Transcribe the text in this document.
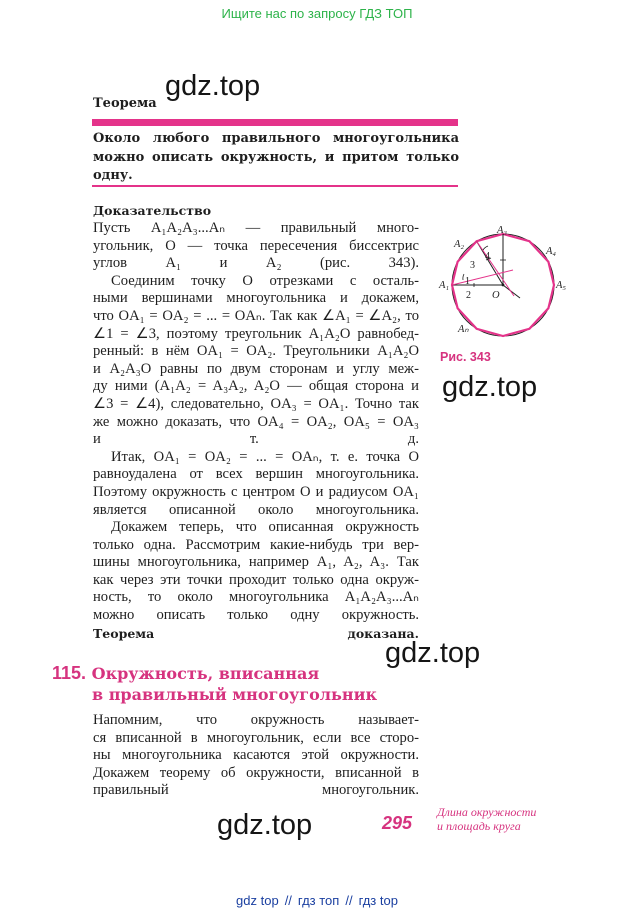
Ищите нас по запросу ГДЗ ТОП
gdz.top
gdz.top
gdz.top
gdz.top
Теорема
Около любого правильного многоугольника
можно описать окружность, и притом только
одну.
Доказательство
Пусть A₁A₂A₃...Aₙ — правильный много-
угольник, O — точка пересечения биссектрис
углов A₁ и A₂ (рис. 343).
Соединим точку O отрезками с осталь-
ными вершинами многоугольника и докажем,
что OA₁ = OA₂ = ... = OAₙ. Так как ∠A₁ = ∠A₂, то
∠1 = ∠3, поэтому треугольник A₁A₂O равнобед-
ренный: в нём OA₁ = OA₂. Треугольники A₁A₂O
и A₂A₃O равны по двум сторонам и углу меж-
ду ними (A₁A₂ = A₃A₂, A₂O — общая сторона и
∠3 = ∠4), следовательно, OA₃ = OA₁. Точно так
же можно доказать, что OA₄ = OA₂, OA₅ = OA₃
и т. д.
Итак, OA₁ = OA₂ = ... = OAₙ, т. е. точка O
равноудалена от всех вершин многоугольника.
Поэтому окружность с центром O и радиусом OA₁
является описанной около многоугольника.
Докажем теперь, что описанная окружность
только одна. Рассмотрим какие-нибудь три вер-
шины многоугольника, например A₁, A₂, A₃. Так
как через эти точки проходит только одна окруж-
ность, то около многоугольника A₁A₂A₃...Aₙ
можно описать только одну окружность.
Теорема доказана.
A₃
A₂
A₄
A₁	A₅
Aₙ
O
1
2
3
4
Рис. 343
115. Окружность, вписанная
в правильный многоугольник
Напомним, что окружность называет-
ся вписанной в многоугольник, если все сторо-
ны многоугольника касаются этой окружности.
Докажем теорему об окружности, вписанной в
правильный многоугольник.
295
Длина окружности
и площадь круга
gdz top // гдз топ // гдз top
